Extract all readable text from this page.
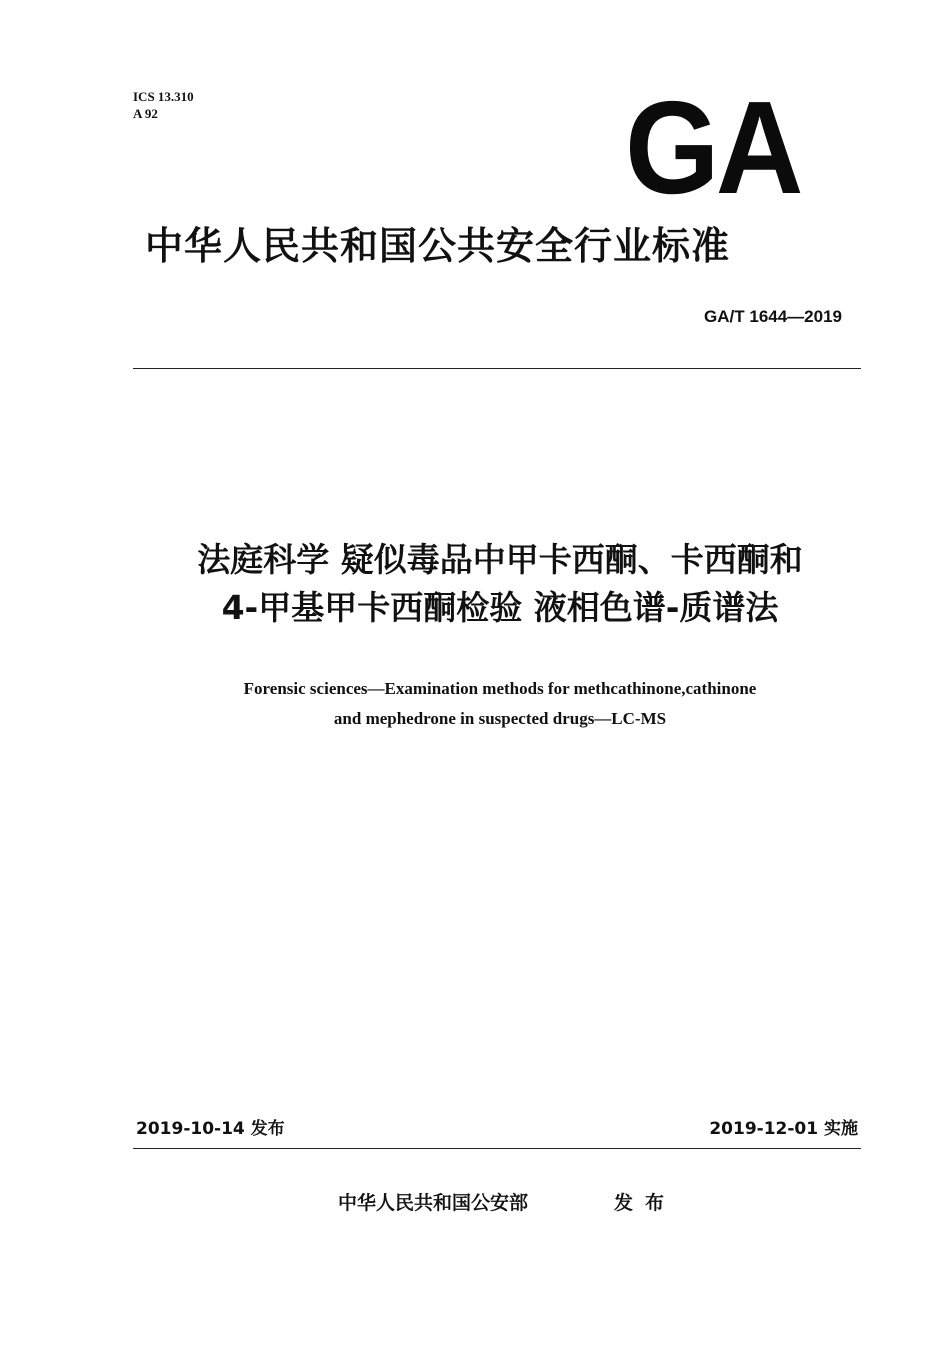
ICS 13.310
A 92	GA
中华人民共和国公共安全行业标准
GA/T 1644—2019
法庭科学 疑似毒品中甲卡西酮、卡西酮和
4-甲基甲卡西酮检验 液相色谱-质谱法
Forensic sciences—Examination methods for methcathinone,cathinone
and mephedrone in suspected drugs—LC-MS
2019-10-14 发布	2019-12-01 实施
中华人民共和国公安部	发布
